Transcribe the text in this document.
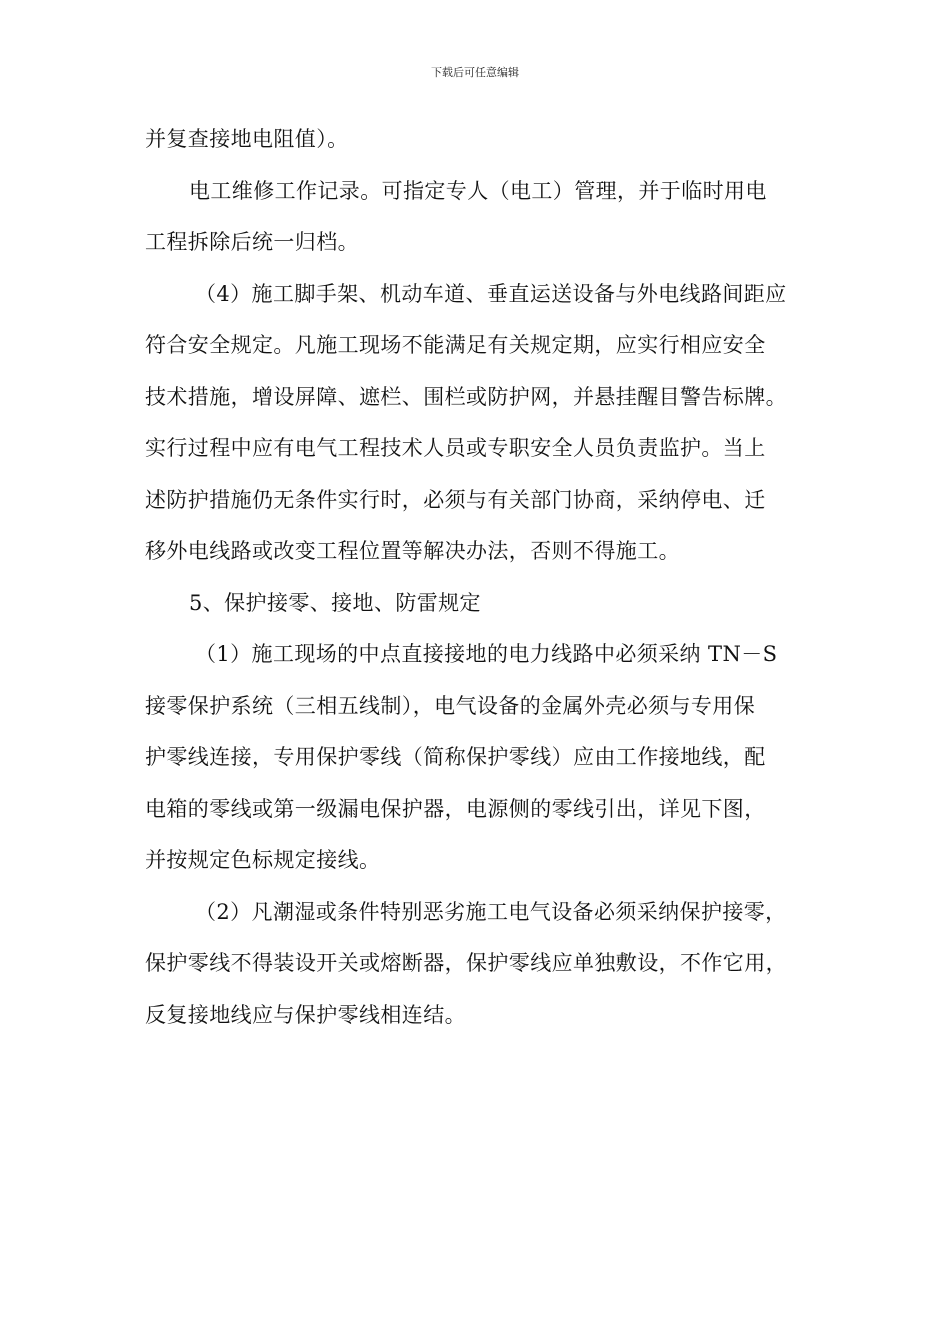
下载后可任意编辑
并复查接地电阻值）。
电工维修工作记录。可指定专人（电工）管理，并于临时用电
工程拆除后统一归档。
（4）施工脚手架、机动车道、垂直运送设备与外电线路间距应
符合安全规定。凡施工现场不能满足有关规定期，应实行相应安全
技术措施，增设屏障、遮栏、围栏或防护网，并悬挂醒目警告标牌。
实行过程中应有电气工程技术人员或专职安全人员负责监护。当上
述防护措施仍无条件实行时，必须与有关部门协商，采纳停电、迁
移外电线路或改变工程位置等解决办法，否则不得施工。
5、保护接零、接地、防雷规定
（1）施工现场的中点直接接地的电力线路中必须采纳 TN－S
接零保护系统（三相五线制），电气设备的金属外壳必须与专用保
护零线连接，专用保护零线（简称保护零线）应由工作接地线，配
电箱的零线或第一级漏电保护器，电源侧的零线引出，详见下图，
并按规定色标规定接线。
（2）凡潮湿或条件特别恶劣施工电气设备必须采纳保护接零，
保护零线不得装设开关或熔断器，保护零线应单独敷设，不作它用，
反复接地线应与保护零线相连结。
